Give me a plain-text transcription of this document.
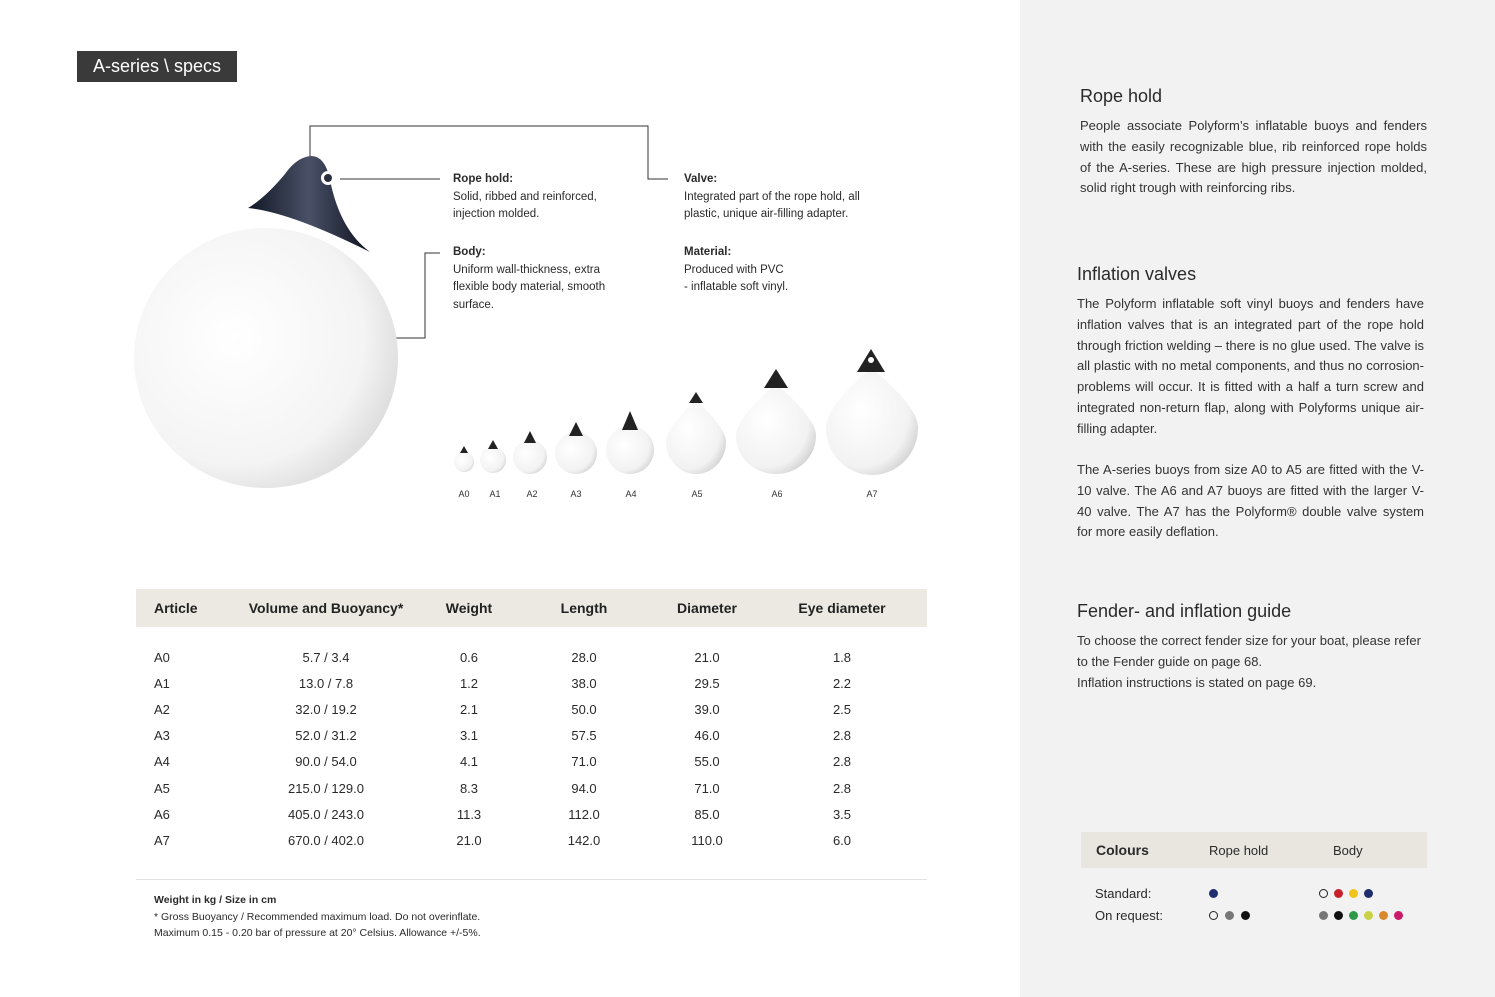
A-series \ specs
Rope hold:
Solid, ribbed and reinforced,
injection molded.
Valve:
Integrated part of the rope hold, all
plastic, unique air-filling adapter.
Body:
Uniform wall-thickness, extra
flexible body material, smooth
surface.
Material:
Produced with PVC
- inflatable soft vinyl.
A0 A1	A2	A3	A4	A5	A6	A7
Article	Volume and Buoyancy*	Weight	Length	Diameter	Eye diameter
A0	5.7 / 3.4	0.6	28.0	21.0	1.8
A1	13.0 / 7.8	1.2	38.0	29.5	2.2
A2	32.0 / 19.2	2.1	50.0	39.0	2.5
A3	52.0 / 31.2	3.1	57.5	46.0	2.8
A4	90.0 / 54.0	4.1	71.0	55.0	2.8
A5	215.0 / 129.0	8.3	94.0	71.0	2.8
A6	405.0 / 243.0	11.3	112.0	85.0	3.5
A7	670.0 / 402.0	21.0	142.0	110.0	6.0
Weight in kg / Size in cm
* Gross Buoyancy / Recommended maximum load. Do not overinflate.
Maximum 0.15 - 0.20 bar of pressure at 20° Celsius. Allowance +/-5%.
Rope hold
People associate Polyform’s inflatable buoys and fenders with the easily recognizable blue, rib reinforced rope holds of the A-series. These are high pressure injection molded, solid right trough with reinforcing ribs.
Inflation valves
The Polyform inflatable soft vinyl buoys and fenders have inflation valves that is an integrated part of the rope hold through friction welding – there is no glue used. The valve is all plastic with no metal components, and thus no corrosion-problems will occur. It is fitted with a half a turn screw and integrated non-return flap, along with Polyforms unique air-filling adapter.
The A-series buoys from size A0 to A5 are fitted with the V-10 valve. The A6 and A7 buoys are fitted with the larger V-40 valve. The A7 has the Polyform® double valve system for more easily deflation.
Fender- and inflation guide
To choose the correct fender size for your boat, please refer to the Fender guide on page 68.
Inflation instructions is stated on page 69.
Colours	Rope hold	Body
Standard:
On request:
